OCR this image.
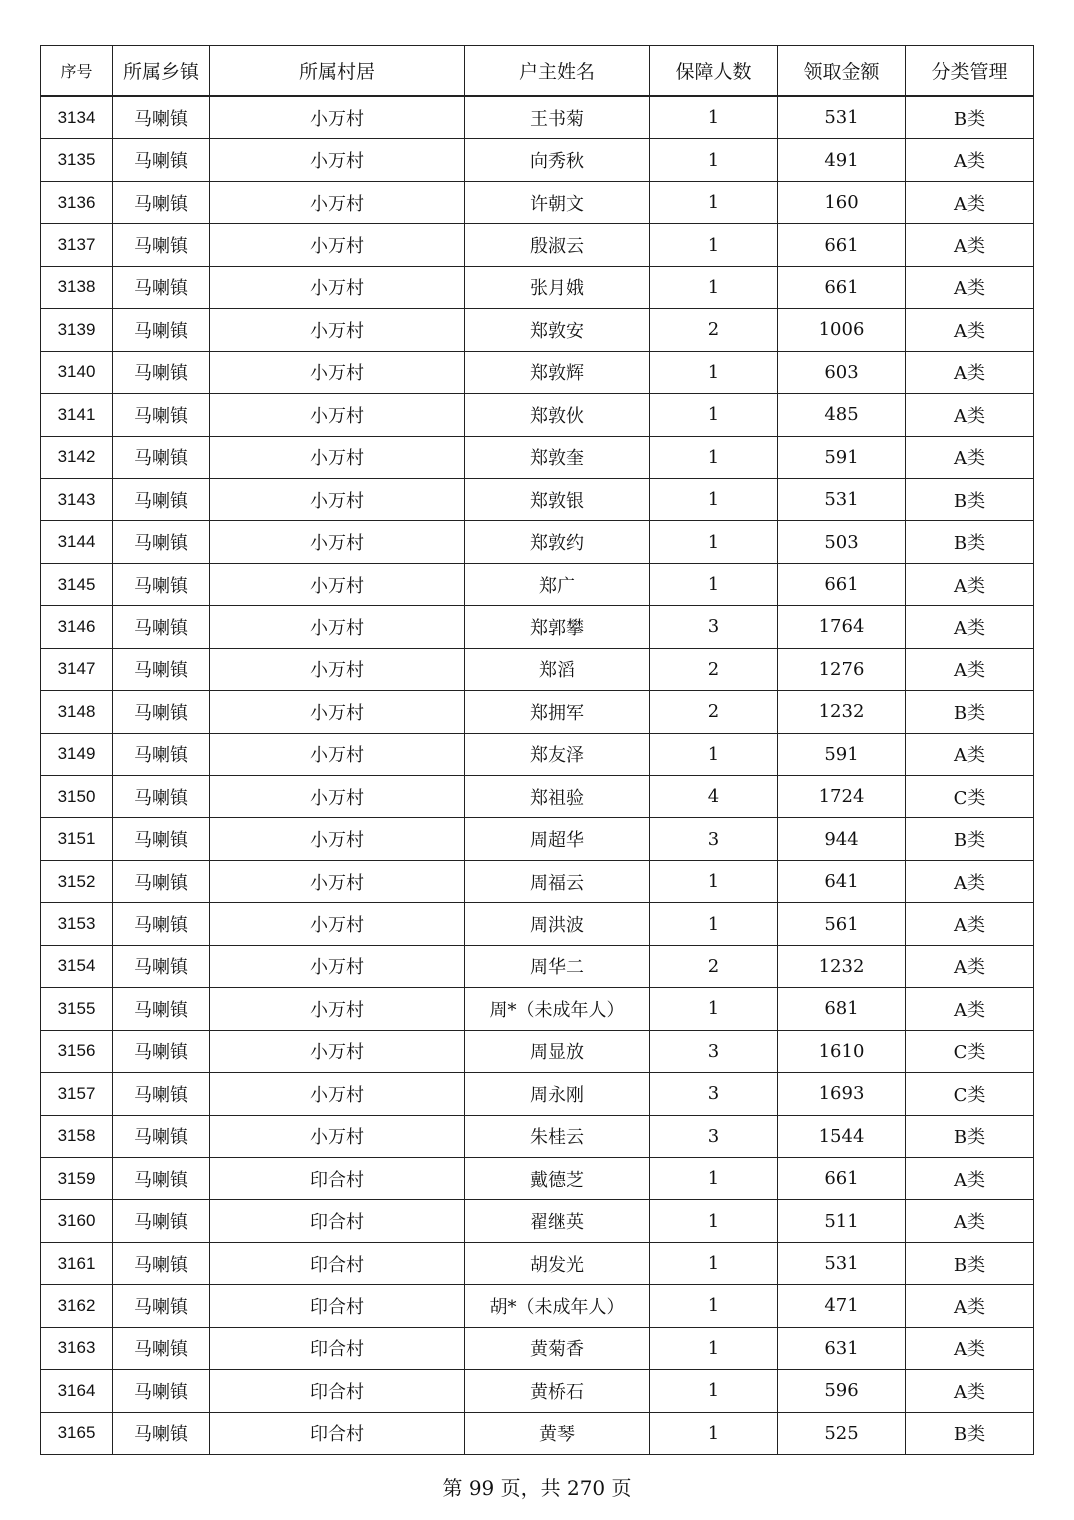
序号	所属乡镇	所属村居	户主姓名	保障人数	领取金额	分类管理
3134	马喇镇	小万村	王书菊	1	531	B类
3135	马喇镇	小万村	向秀秋	1	491	A类
3136	马喇镇	小万村	许朝文	1	160	A类
3137	马喇镇	小万村	殷淑云	1	661	A类
3138	马喇镇	小万村	张月娥	1	661	A类
3139	马喇镇	小万村	郑敦安	2	1006	A类
3140	马喇镇	小万村	郑敦辉	1	603	A类
3141	马喇镇	小万村	郑敦伙	1	485	A类
3142	马喇镇	小万村	郑敦奎	1	591	A类
3143	马喇镇	小万村	郑敦银	1	531	B类
3144	马喇镇	小万村	郑敦约	1	503	B类
3145	马喇镇	小万村	郑广	1	661	A类
3146	马喇镇	小万村	郑郭攀	3	1764	A类
3147	马喇镇	小万村	郑滔	2	1276	A类
3148	马喇镇	小万村	郑拥军	2	1232	B类
3149	马喇镇	小万村	郑友泽	1	591	A类
3150	马喇镇	小万村	郑祖验	4	1724	C类
3151	马喇镇	小万村	周超华	3	944	B类
3152	马喇镇	小万村	周福云	1	641	A类
3153	马喇镇	小万村	周洪波	1	561	A类
3154	马喇镇	小万村	周华二	2	1232	A类
3155	马喇镇	小万村	周*（未成年人）	1	681	A类
3156	马喇镇	小万村	周显放	3	1610	C类
3157	马喇镇	小万村	周永刚	3	1693	C类
3158	马喇镇	小万村	朱桂云	3	1544	B类
3159	马喇镇	印合村	戴德芝	1	661	A类
3160	马喇镇	印合村	翟继英	1	511	A类
3161	马喇镇	印合村	胡发光	1	531	B类
3162	马喇镇	印合村	胡*（未成年人）	1	471	A类
3163	马喇镇	印合村	黄菊香	1	631	A类
3164	马喇镇	印合村	黄桥石	1	596	A类
3165	马喇镇	印合村	黄琴	1	525	B类
第 99 页，共 270 页
